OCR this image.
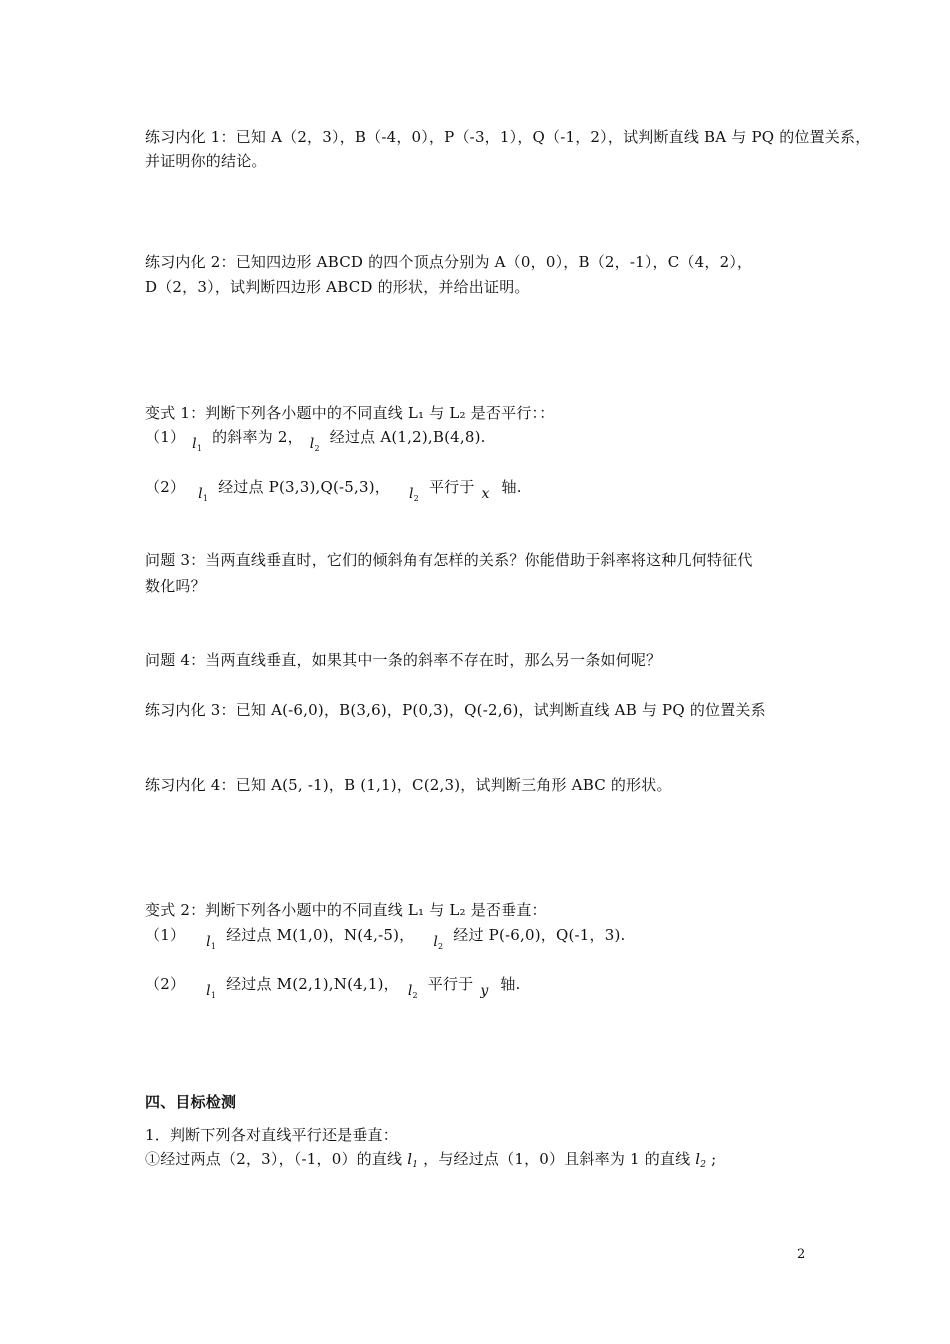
练习内化 1：已知 A（2，3），B（-4，0），P（-3，1），Q（-1，2），试判断直线 BA 与 PQ 的位置关系，
并证明你的结论。
练习内化 2：已知四边形 ABCD 的四个顶点分别为 A（0，0），B（2，-1），C（4，2），
D（2，3），试判断四边形 ABCD 的形状，并给出证明。
变式 1：判断下列各小题中的不同直线 L₁ 与 L₂ 是否平行：：
（1） $l_1$ 的斜率为 2， $l_2$ 经过点 A(1,2),B(4,8).
（2） $l_1$ 经过点 P(3,3),Q(-5,3)， $l_2$ 平行于 x 轴.
问题 3：当两直线垂直时，它们的倾斜角有怎样的关系？你能借助于斜率将这种几何特征代
数化吗？
问题 4：当两直线垂直，如果其中一条的斜率不存在时，那么另一条如何呢？
练习内化 3：已知 A(-6,0)，B(3,6)，P(0,3)，Q(-2,6)，试判断直线 AB 与 PQ 的位置关系
练习内化 4：已知 A(5, -1)，B (1,1)，C(2,3)，试判断三角形 ABC 的形状。
变式 2：判断下列各小题中的不同直线 L₁ 与 L₂ 是否垂直：
（1） $l_1$ 经过点 M(1,0)，N(4,-5)， $l_2$ 经过 P(-6,0)，Q(-1，3).
（2） $l_1$ 经过点 M(2,1),N(4,1)， $l_2$ 平行于 y 轴.
四、目标检测
1．判断下列各对直线平行还是垂直：
①经过两点（2，3），（-1，0）的直线 $l_1$ ，与经过点（1，0）且斜率为 1 的直线 $l_2$ ;
2
